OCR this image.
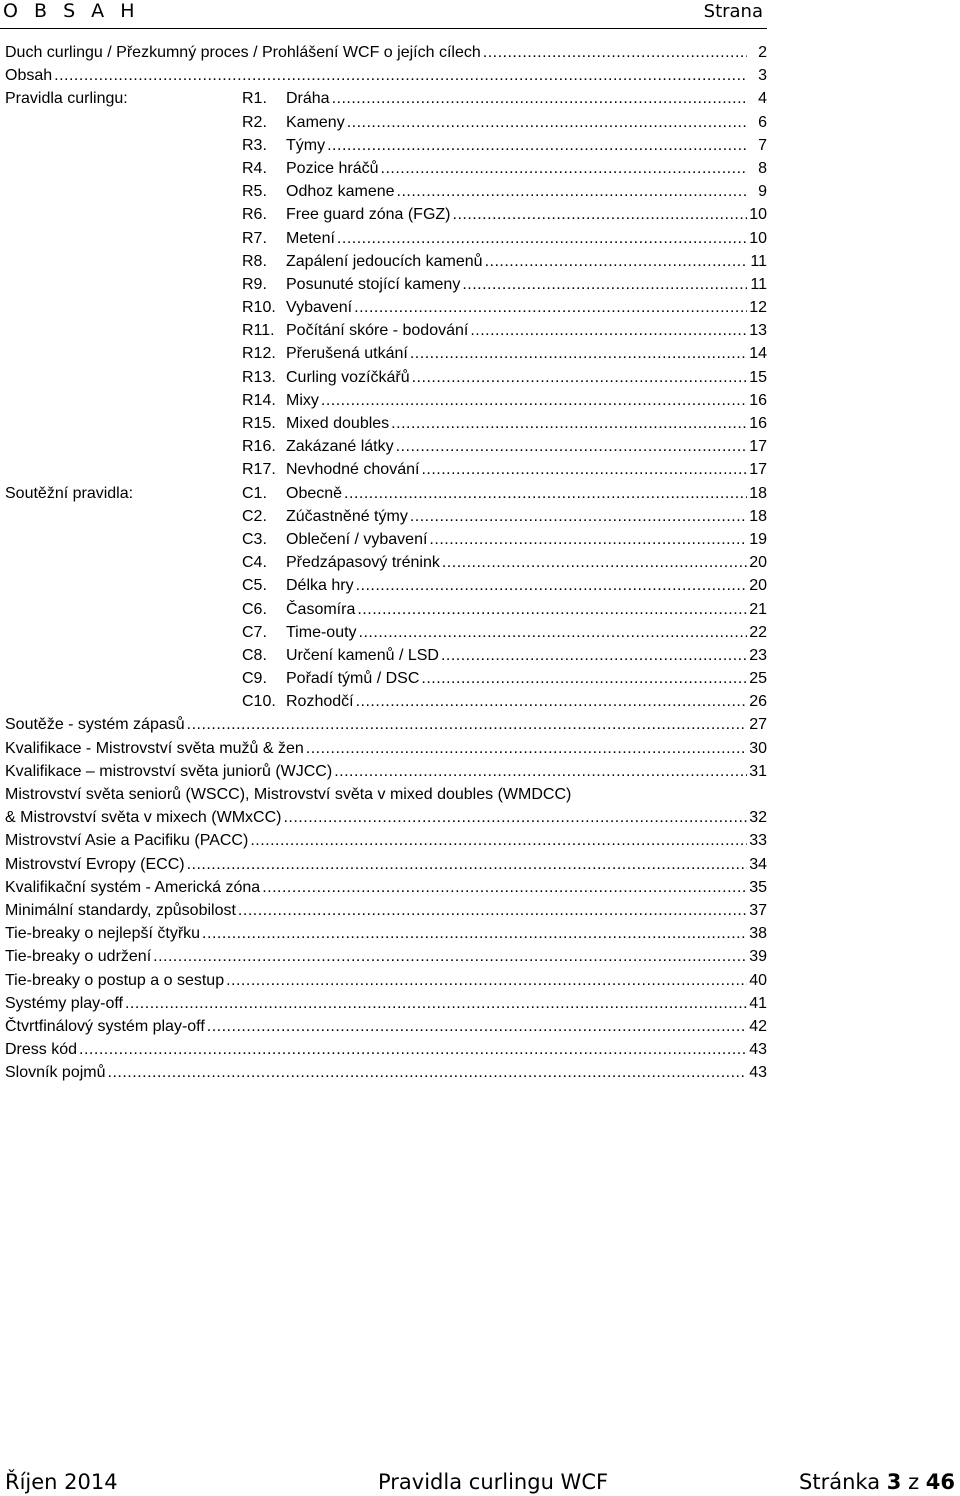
O B S A H	Strana
Duch curlingu / Přezkumný proces / Prohlášení WCF o jejích cílech .....	2
Obsah .....	3
Pravidla curlingu:	R1. Dráha .....	4
R2. Kameny .....	6
R3. Týmy .....	7
R4. Pozice hráčů .....	8
R5. Odhoz kamene .....	9
R6. Free guard zóna (FGZ) .....	10
R7. Metení .....	10
R8. Zapálení jedoucích kamenů .....	11
R9. Posunuté stojící kameny .....	11
R10. Vybavení .....	12
R11. Počítání skóre - bodování .....	13
R12. Přerušená utkání .....	14
R13. Curling vozíčkářů .....	15
R14. Mixy .....	16
R15. Mixed doubles .....	16
R16. Zakázané látky .....	17
R17. Nevhodné chování .....	17
Soutěžní pravidla:	C1. Obecně .....	18
C2. Zúčastněné týmy .....	18
C3. Oblečení / vybavení .....	19
C4. Předzápasový trénink .....	20
C5. Délka hry .....	20
C6. Časomíra .....	21
C7. Time-outy .....	22
C8. Určení kamenů / LSD .....	23
C9. Pořadí týmů / DSC .....	25
C10. Rozhodčí .....	26
Soutěže - systém zápasů .....	27
Kvalifikace - Mistrovství světa mužů & žen .....	30
Kvalifikace – mistrovství světa juniorů (WJCC) .....	31
Mistrovství světa seniorů (WSCC), Mistrovství světa v mixed doubles (WMDCC)
& Mistrovství světa v mixech (WMxCC) .....	32
Mistrovství Asie a Pacifiku (PACC) .....	33
Mistrovství Evropy (ECC) .....	34
Kvalifikační systém - Americká zóna .....	35
Minimální standardy, způsobilost .....	37
Tie-breaky o nejlepší čtyřku .....	38
Tie-breaky o udržení .....	39
Tie-breaky o postup a o sestup .....	40
Systémy play-off .....	41
Čtvrtfinálový systém play-off .....	42
Dress kód .....	43
Slovník pojmů .....	43
Říjen 2014	Pravidla curlingu WCF	Stránka 3 z 46
